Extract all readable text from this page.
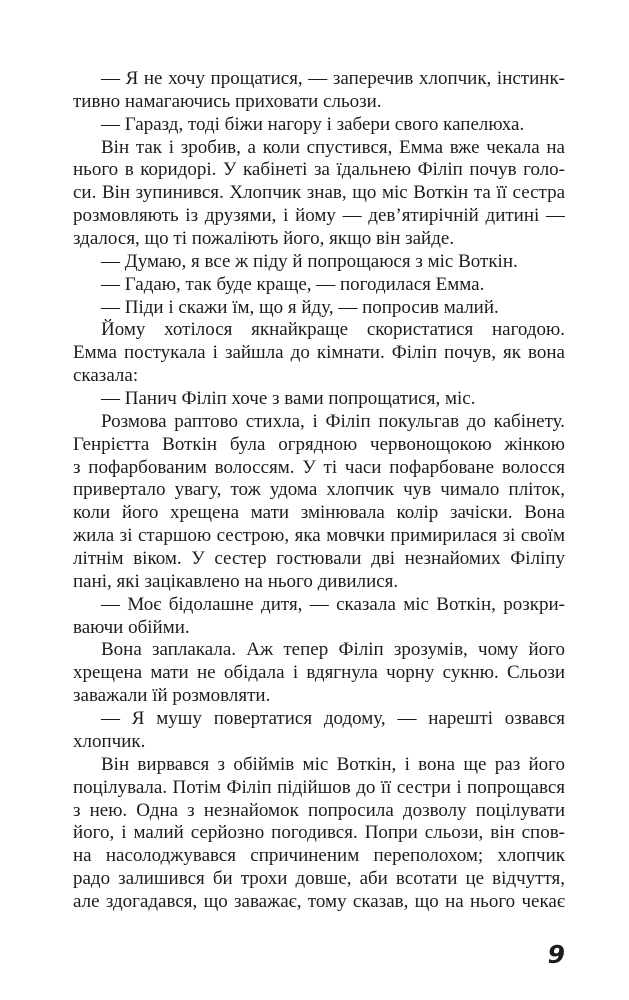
— Я не хочу прощатися, — заперечив хлопчик, інстинк-
тивно намагаючись приховати сльози.
— Гаразд, тоді біжи нагору і забери свого капелюха.
Він так і зробив, а коли спустився, Емма вже чекала на
нього в коридорі. У кабінеті за їдальнею Філіп почув голо-
си. Він зупинився. Хлопчик знав, що міс Воткін та її сестра
розмовляють із друзями, і йому — дев’ятирічній дитині —
здалося, що ті пожаліють його, якщо він зайде.
— Думаю, я все ж піду й попрощаюся з міс Воткін.
— Гадаю, так буде краще, — погодилася Емма.
— Піди і скажи їм, що я йду, — попросив малий.
Йому хотілося якнайкраще скористатися нагодою.
Емма постукала і зайшла до кімнати. Філіп почув, як вона
сказала:
— Панич Філіп хоче з вами попрощатися, міс.
Розмова раптово стихла, і Філіп покульгав до кабінету.
Генрієтта Воткін була огрядною червонощокою жінкою
з пофарбованим волоссям. У ті часи пофарбоване волосся
привертало увагу, тож удома хлопчик чув чимало пліток,
коли його хрещена мати змінювала колір зачіски. Вона
жила зі старшою сестрою, яка мовчки примирилася зі своїм
літнім віком. У сестер гостювали дві незнайомих Філіпу
пані, які зацікавлено на нього дивилися.
— Моє бідолашне дитя, — сказала міс Воткін, розкри-
ваючи обійми.
Вона заплакала. Аж тепер Філіп зрозумів, чому його
хрещена мати не обідала і вдягнула чорну сукню. Сльози
заважали їй розмовляти.
— Я мушу повертатися додому, — нарешті озвався
хлопчик.
Він вирвався з обіймів міс Воткін, і вона ще раз його
поцілувала. Потім Філіп підійшов до її сестри і попрощався
з нею. Одна з незнайомок попросила дозволу поцілувати
його, і малий серйозно погодився. Попри сльози, він спов-
на насолоджувався спричиненим переполохом; хлопчик
радо залишився би трохи довше, аби всотати це відчуття,
але здогадався, що заважає, тому сказав, що на нього чекає
9
